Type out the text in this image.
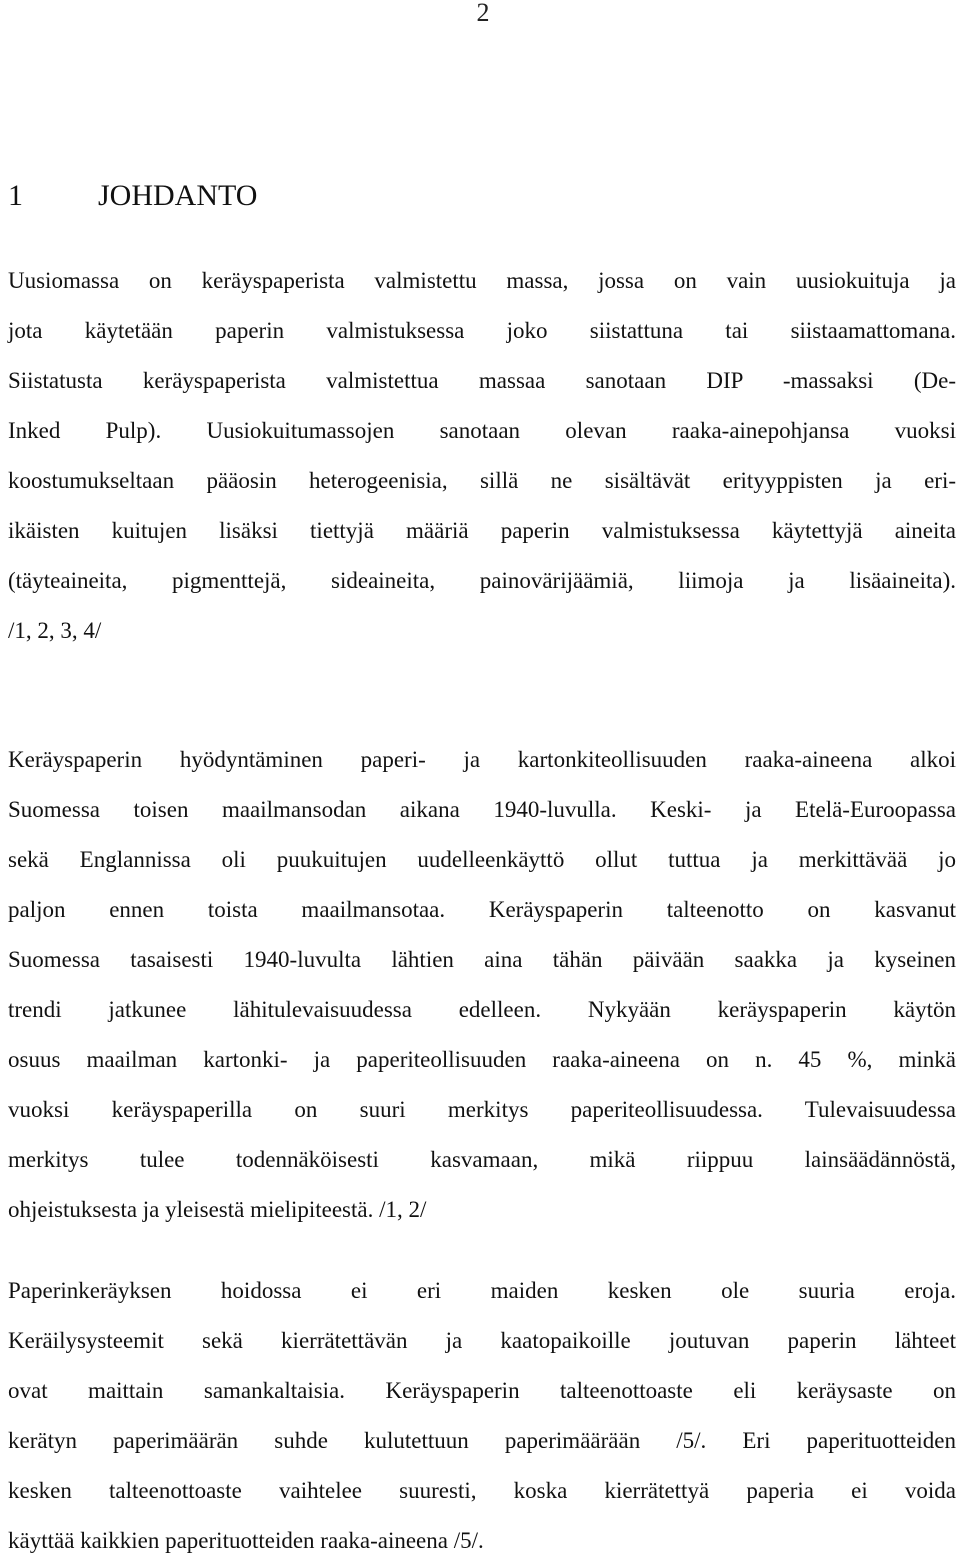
2
1	JOHDANTO
Uusiomassa on keräyspaperista valmistettu massa, jossa on vain uusiokuituja ja
jota käytetään paperin valmistuksessa joko siistattuna tai siistaamattomana.
Siistatusta keräyspaperista valmistettua massaa sanotaan DIP -massaksi (De-
Inked Pulp). Uusiokuitumassojen sanotaan olevan raaka-ainepohjansa vuoksi
koostumukseltaan pääosin heterogeenisia, sillä ne sisältävät erityyppisten ja eri-
ikäisten kuitujen lisäksi tiettyjä määriä paperin valmistuksessa käytettyjä aineita
(täyteaineita, pigmenttejä, sideaineita, painovärijäämiä, liimoja ja lisäaineita).
/1, 2, 3, 4/
Keräyspaperin hyödyntäminen paperi- ja kartonkiteollisuuden raaka-aineena alkoi
Suomessa toisen maailmansodan aikana 1940-luvulla. Keski- ja Etelä-Euroopassa
sekä Englannissa oli puukuitujen uudelleenkäyttö ollut tuttua ja merkittävää jo
paljon ennen toista maailmansotaa. Keräyspaperin talteenotto on kasvanut
Suomessa tasaisesti 1940-luvulta lähtien aina tähän päivään saakka ja kyseinen
trendi jatkunee lähitulevaisuudessa edelleen. Nykyään keräyspaperin käytön
osuus maailman kartonki- ja paperiteollisuuden raaka-aineena on n. 45 %, minkä
vuoksi keräyspaperilla on suuri merkitys paperiteollisuudessa. Tulevaisuudessa
merkitys tulee todennäköisesti kasvamaan, mikä riippuu lainsäädännöstä,
ohjeistuksesta ja yleisestä mielipiteestä. /1, 2/
Paperinkeräyksen hoidossa ei eri maiden kesken ole suuria eroja.
Keräilysysteemit sekä kierrätettävän ja kaatopaikoille joutuvan paperin lähteet
ovat maittain samankaltaisia. Keräyspaperin talteenottoaste eli keräysaste on
kerätyn paperimäärän suhde kulutettuun paperimäärään /5/. Eri paperituotteiden
kesken talteenottoaste vaihtelee suuresti, koska kierrätettyä paperia ei voida
käyttää kaikkien paperituotteiden raaka-aineena /5/.
